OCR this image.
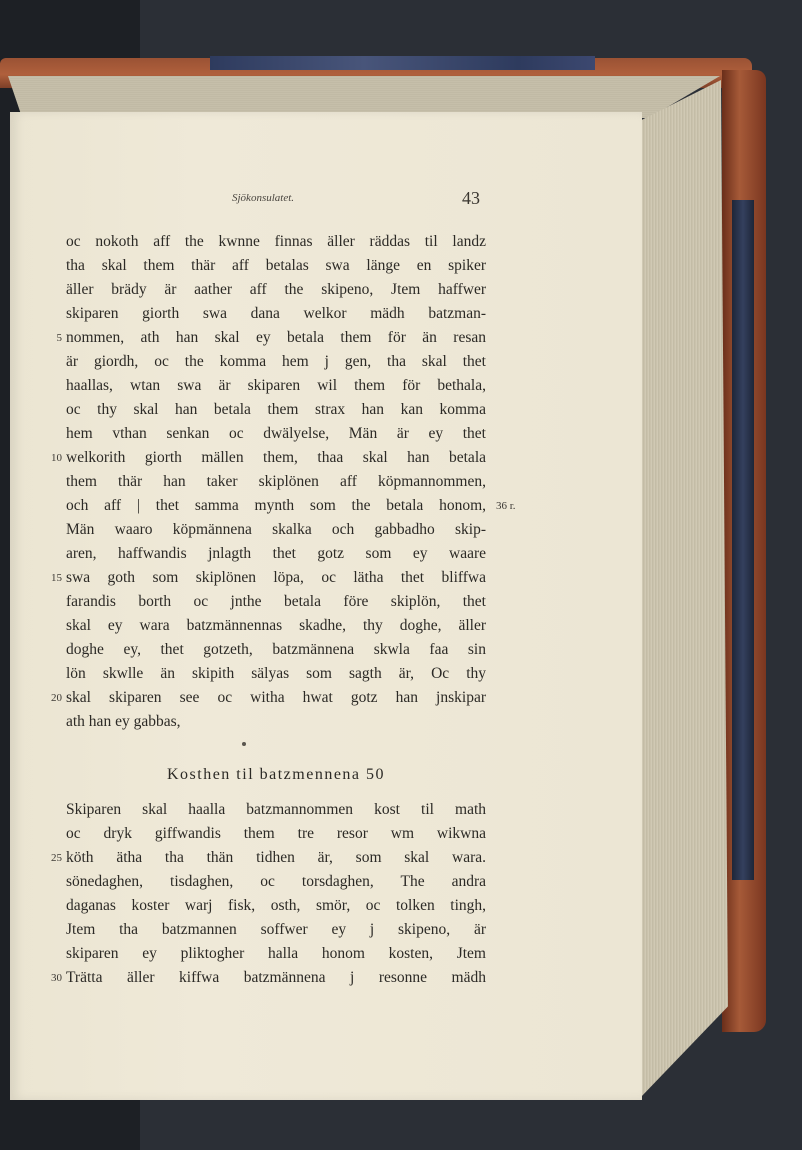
Sjökonsulatet.	43
oc nokoth aff the kwnne finnas äller räddas til landz
tha skal them thär aff betalas swa länge en spiker
äller brädy är aather aff the skipeno, Jtem haffwer
skiparen giorth swa dana welkor mädh batzman-
nommen, ath han skal ey betala them för än resan
är giordh, oc the komma hem j gen, tha skal thet
haallas, wtan swa är skiparen wil them för bethala,
oc thy skal han betala them strax han kan komma
hem vthan senkan oc dwälyelse, Män är ey thet
welkorith giorth mällen them, thaa skal han betala
them thär han taker skiplönen aff köpmannommen,
och aff | thet samma mynth som the betala honom,
Män waaro köpmännena skalka och gabbadho skip-
aren, haffwandis jnlagth thet gotz som ey waare
swa goth som skiplönen löpa, oc lätha thet bliffwa
farandis borth oc jnthe betala före skiplön, thet
skal ey wara batzmännennas skadhe, thy doghe, äller
doghe ey, thet gotzeth, batzmännena skwla faa sin
lön skwlle än skipith sälyas som sagth är, Oc thy
skal skiparen see oc witha hwat gotz han jnskipar
ath han ey gabbas,
5
10
15
20
36 r.
Kosthen til batzmennena 50
Skiparen skal haalla batzmannommen kost til math
oc dryk giffwandis them tre resor wm wikwna
köth ätha tha thän tidhen är, som skal wara.
sönedaghen, tisdaghen, oc torsdaghen, The andra
daganas koster warj fisk, osth, smör, oc tolken tingh,
Jtem tha batzmannen soffwer ey j skipeno, är
skiparen ey pliktogher halla honom kosten, Jtem
Trätta äller kiffwa batzmännena j resonne mädh
25
30
